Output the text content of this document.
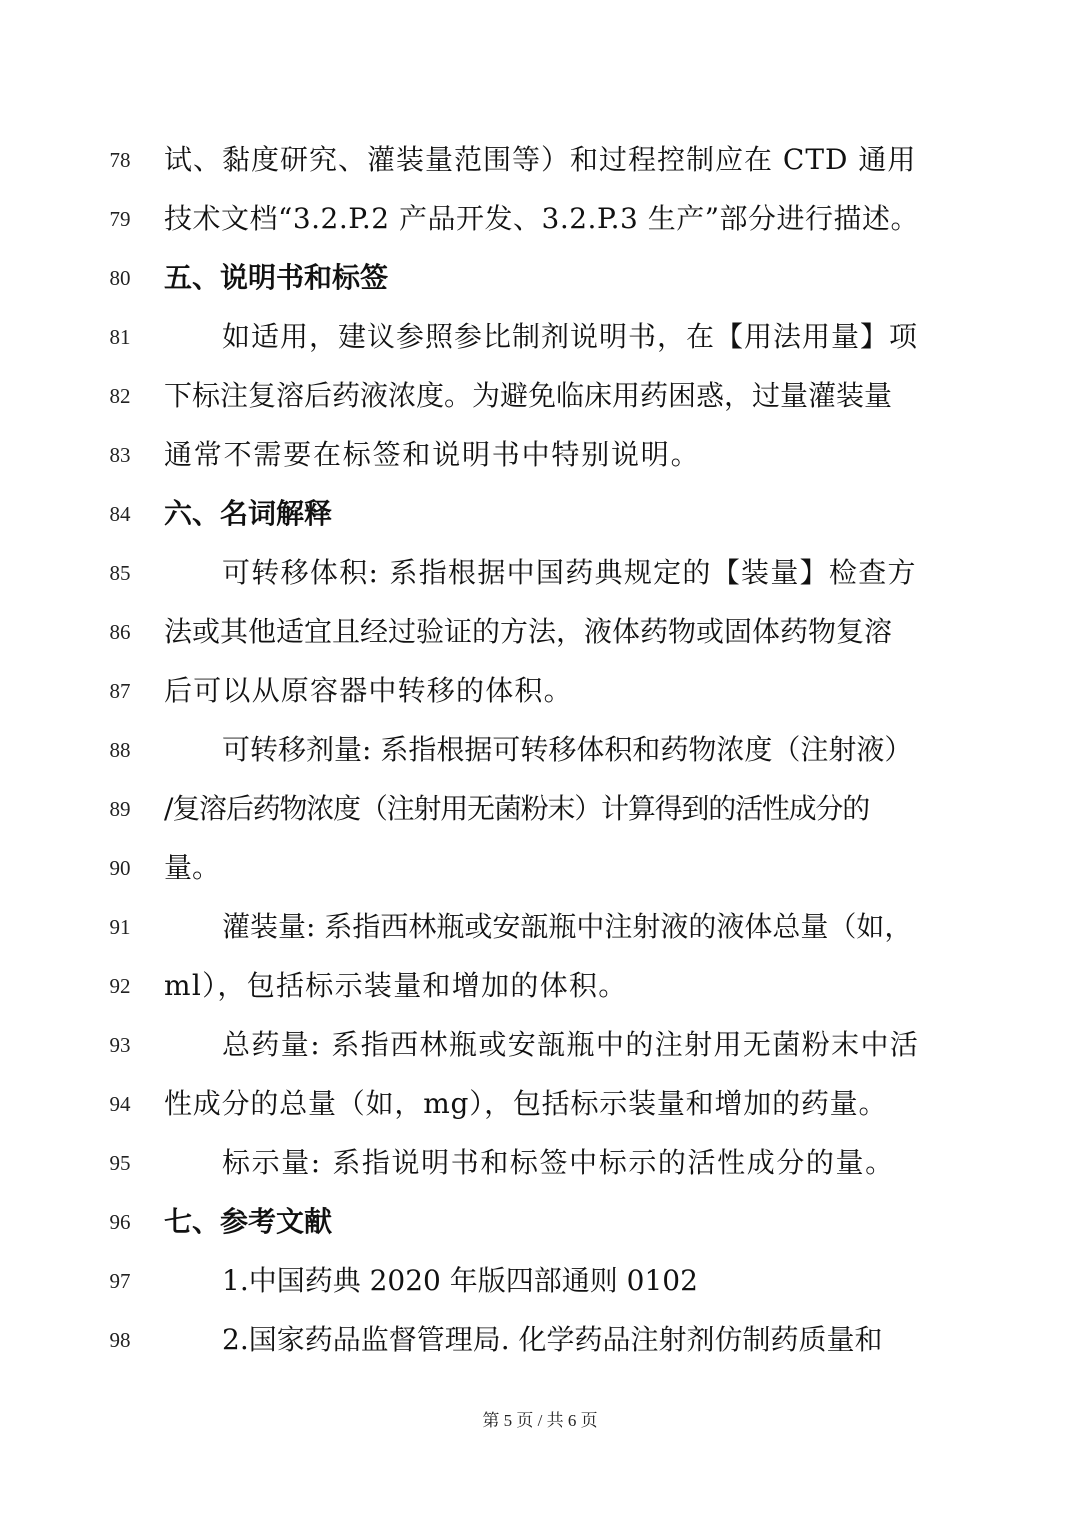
78	试、黏度研究、灌装量范围等）和过程控制应在 CTD 通用
79	技术文档“3.2.P.2 产品开发、3.2.P.3 生产”部分进行描述。
80	五、说明书和标签
81	如适用，建议参照参比制剂说明书，在【用法用量】项
82	下标注复溶后药液浓度。为避免临床用药困惑，过量灌装量
83	通常不需要在标签和说明书中特别说明。
84	六、名词解释
85	可转移体积: 系指根据中国药典规定的【装量】检查方
86	法或其他适宜且经过验证的方法，液体药物或固体药物复溶
87	后可以从原容器中转移的体积。
88	可转移剂量: 系指根据可转移体积和药物浓度（注射液）
89	/复溶后药物浓度（注射用无菌粉末）计算得到的活性成分的
90	量。
91	灌装量: 系指西林瓶或安瓿瓶中注射液的液体总量（如，
92	ml），包括标示装量和增加的体积。
93	总药量: 系指西林瓶或安瓿瓶中的注射用无菌粉末中活
94	性成分的总量（如，mg），包括标示装量和增加的药量。
95	标示量: 系指说明书和标签中标示的活性成分的量。
96	七、参考文献
97	1.中国药典 2020 年版四部通则 0102
98	2.国家药品监督管理局. 化学药品注射剂仿制药质量和
第 5 页 / 共 6 页
